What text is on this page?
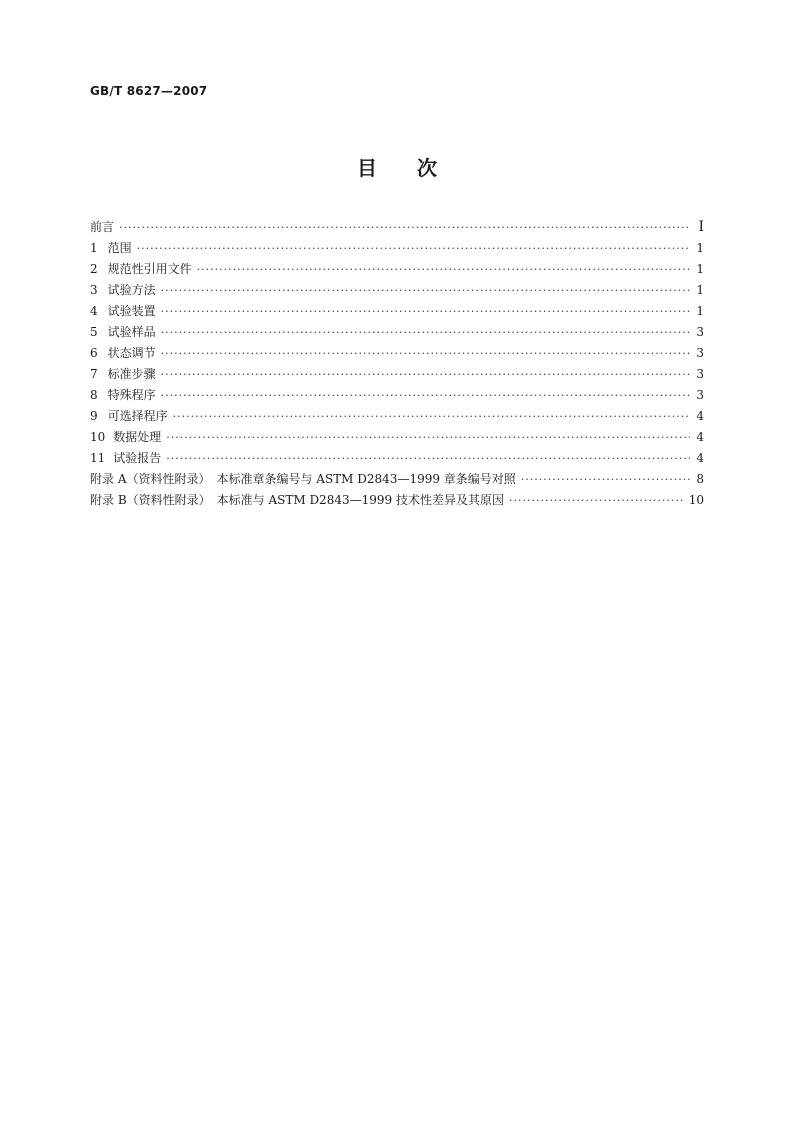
GB/T 8627—2007
目 次
前言 ·····	Ⅰ
1 范围 ·····	1
2 规范性引用文件 ·····	1
3 试验方法 ·····	1
4 试验装置 ·····	1
5 试验样品 ·····	3
6 状态调节 ·····	3
7 标准步骤 ·····	3
8 特殊程序 ·····	3
9 可选择程序 ·····	4
10 数据处理 ·····	4
11 试验报告 ·····	4
附录 A（资料性附录）　本标准章条编号与 ASTM D2843—1999 章条编号对照 ·····	8
附录 B（资料性附录）　本标准与 ASTM D2843—1999 技术性差异及其原因 ·····	10
